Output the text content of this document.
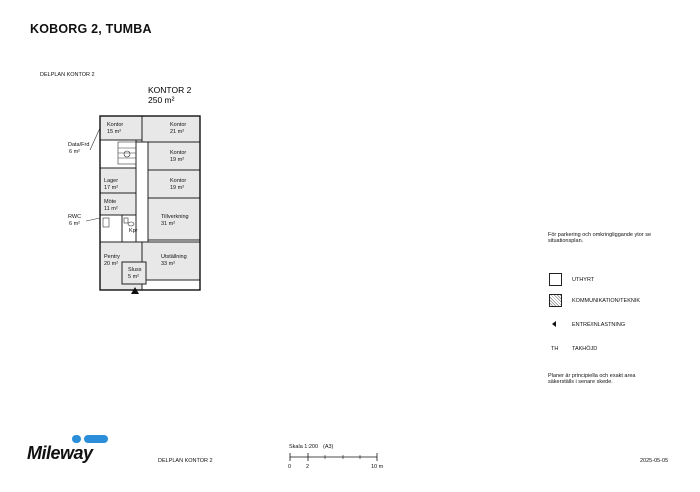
KOBORG 2, TUMBA
DELPLAN KONTOR 2
KONTOR 2
250 m²
Kontor
15 m²
Kontor
21 m²
Kontor
19 m²
Kontor
19 m²
Lager
17 m²
Möte
11 m²
Tillverkning
31 m²
Pentry
20 m²
Utställning
33 m²
Sluss
5 m²
Kpr
Data/Frd
6 m²
RWC
6 m²
För parkering och omkringliggande ytor se situationsplan.
UTHYRT
KOMMUNIKATION/TEKNIK
ENTRÉ/INLASTNING
TH TAKHÖJD
Planer är principiella och exakt area säkerställs i senare skede.
Mileway	DELPLAN KONTOR 2
Skala 1:200 (A3)
0	2	10 m
2025-05-05
